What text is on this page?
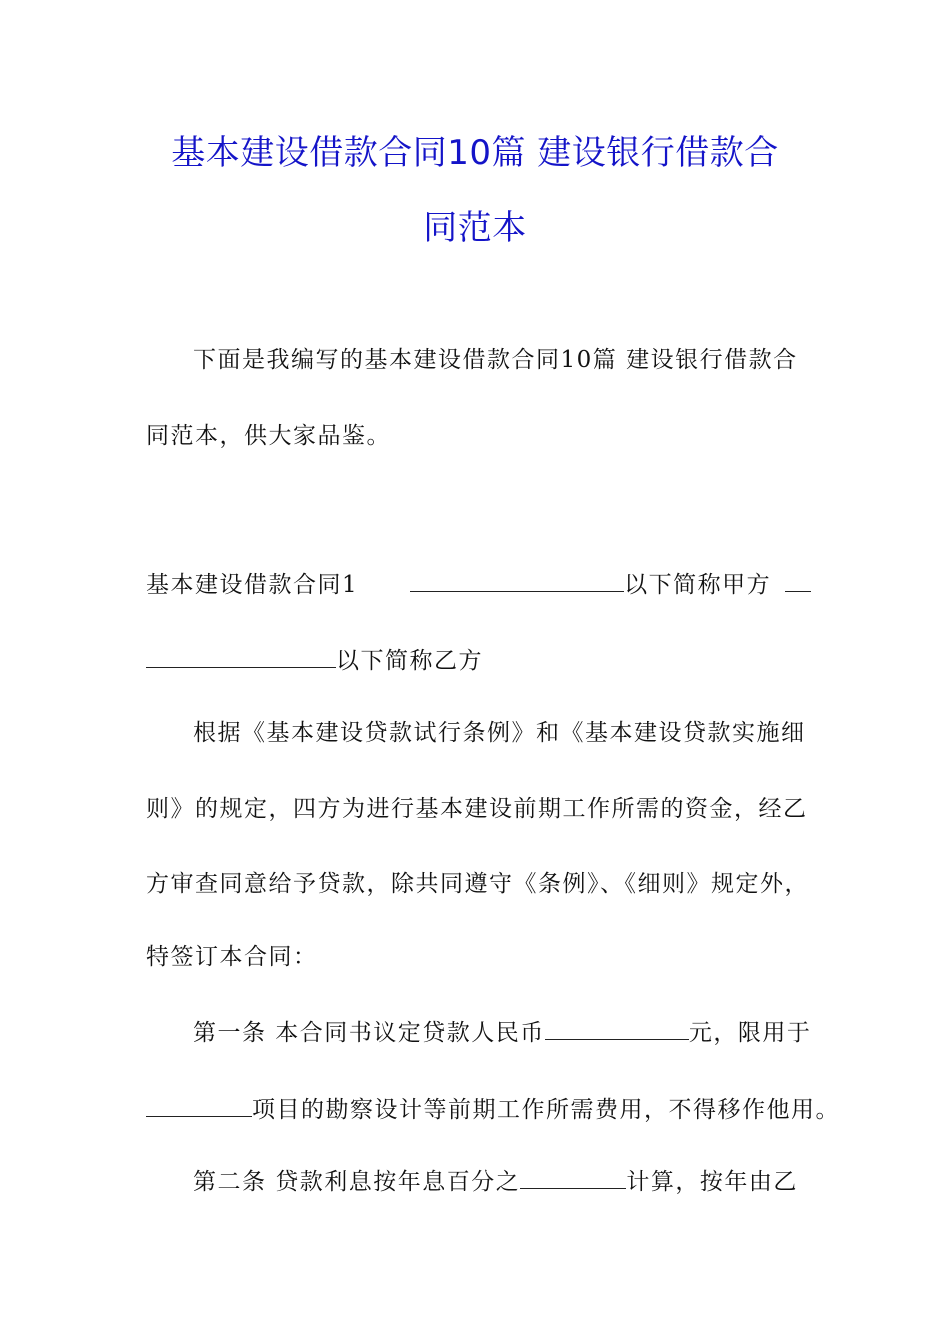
基本建设借款合同10篇 建设银行借款合
同范本
下面是我编写的基本建设借款合同10篇 建设银行借款合
同范本，供大家品鉴。
基本建设借款合同1	以下简称甲方
以下简称乙方
根据《基本建设贷款试行条例》和《基本建设贷款实施细
则》的规定，四方为进行基本建设前期工作所需的资金，经乙
方审查同意给予贷款，除共同遵守《条例》、《细则》规定外，
特签订本合同：
第一条 本合同书议定贷款人民币	元，限用于
项目的勘察设计等前期工作所需费用，不得移作他用。
第二条 贷款利息按年息百分之	计算，按年由乙
